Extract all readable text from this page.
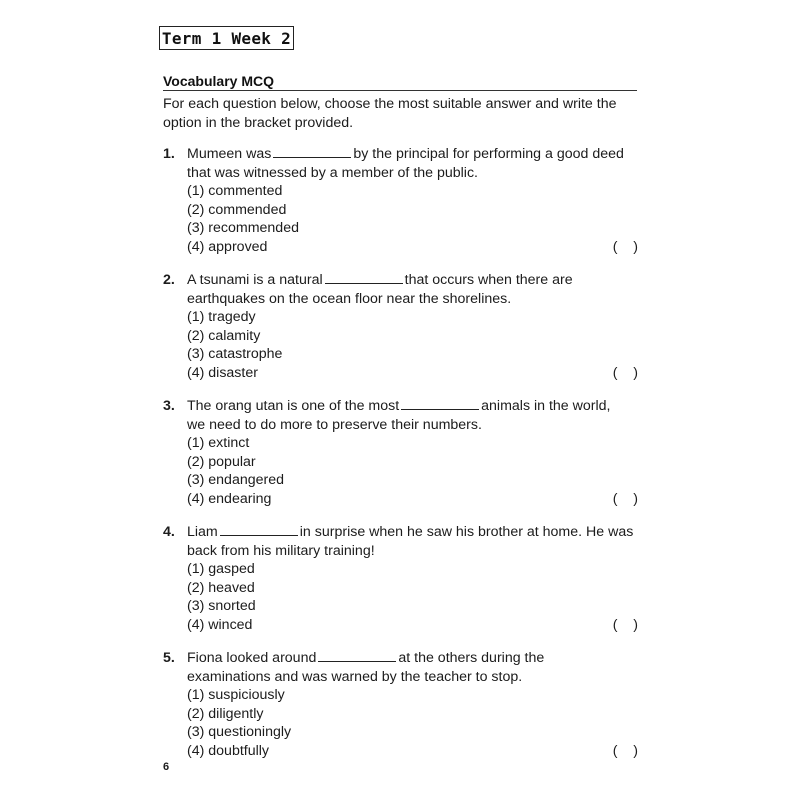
Term 1 Week 2
Vocabulary MCQ

For each question below, choose the most suitable answer and write the

option in the bracket provided.

1. Mumeen was	by the principal for performing a good deed
that was witnessed by a member of the public.
(1) commented
(2) commended
(3) recommended
(4) approved	(    )
2. A tsunami is a natural	that occurs when there are
earthquakes on the ocean floor near the shorelines.
(1) tragedy
(2) calamity
(3) catastrophe
(4) disaster	(    )
3. The orang utan is one of the most	animals in the world,
we need to do more to preserve their numbers.
(1) extinct
(2) popular
(3) endangered
(4) endearing	(    )
4. Liam	in surprise when he saw his brother at home. He was
back from his military training!
(1) gasped
(2) heaved
(3) snorted
(4) winced	(    )
5. Fiona looked around	at the others during the
examinations and was warned by the teacher to stop.
(1) suspiciously
(2) diligently
(3) questioningly
(4) doubtfully	(    )
6
